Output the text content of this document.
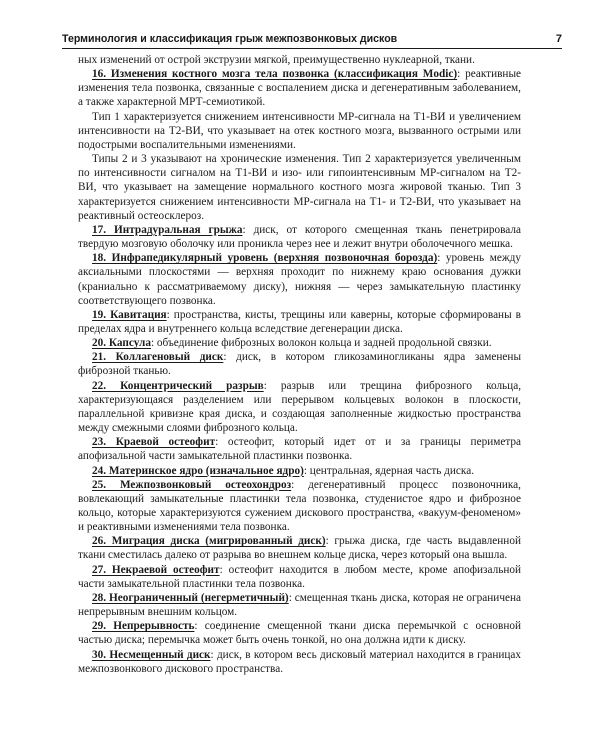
Терминология и классификация грыж межпозвонковых дисков	7

ных изменений от острой экструзии мягкой, преимущественно нуклеарной, ткани.

16. Изменения костного мозга тела позвонка (классификация Modic): реактивные изменения тела позвонка, связанные с воспалением диска и дегенеративным заболеванием, а также характерной МРТ-семиотикой.

Тип 1 характеризуется снижением интенсивности МР-сигнала на Т1-ВИ и увеличением интенсивности на Т2-ВИ, что указывает на отек костного мозга, вызванного острыми или подострыми воспалительными изменениями.

Типы 2 и 3 указывают на хронические изменения. Тип 2 характеризуется увеличенным по интенсивности сигналом на Т1-ВИ и изо- или гипоинтенсивным МР-сигналом на Т2-ВИ, что указывает на замещение нормального костного мозга жировой тканью. Тип 3 характеризуется снижением интенсивности МР-сигнала на Т1- и Т2-ВИ, что указывает на реактивный остеосклероз.

17. Интрадуральная грыжа: диск, от которого смещенная ткань пенетрировала твердую мозговую оболочку или проникла через нее и лежит внутри оболочечного мешка.

18. Инфрапедикулярный уровень (верхняя позвоночная борозда): уровень между аксиальными плоскостями — верхняя проходит по нижнему краю основания дужки (краниально к рассматриваемому диску), нижняя — через замыкательную пластинку соответствующего позвонка.

19. Кавитация: пространства, кисты, трещины или каверны, которые сформированы в пределах ядра и внутреннего кольца вследствие дегенерации диска.

20. Капсула: объединение фиброзных волокон кольца и задней продольной связки.

21. Коллагеновый диск: диск, в котором гликозаминогликаны ядра заменены фиброзной тканью.

22. Концентрический разрыв: разрыв или трещина фиброзного кольца, характеризующаяся разделением или перерывом кольцевых волокон в плоскости, параллельной кривизне края диска, и создающая заполненные жидкостью пространства между смежными слоями фиброзного кольца.

23. Краевой остеофит: остеофит, который идет от и за границы периметра апофизальной части замыкательной пластинки позвонка.

24. Материнское ядро (изначальное ядро): центральная, ядерная часть диска.

25. Межпозвонковый остеохондроз: дегенеративный процесс позвоночника, вовлекающий замыкательные пластинки тела позвонка, студенистое ядро и фиброзное кольцо, которые характеризуются сужением дискового пространства, «вакуум-феноменом» и реактивными изменениями тела позвонка.

26. Миграция диска (мигрированный диск): грыжа диска, где часть выдавленной ткани сместилась далеко от разрыва во внешнем кольце диска, через который она вышла.

27. Некраевой остеофит: остеофит находится в любом месте, кроме апофизальной части замыкательной пластинки тела позвонка.

28. Неограниченный (негерметичный): смещенная ткань диска, которая не ограничена непрерывным внешним кольцом.

29. Непрерывность: соединение смещенной ткани диска перемычкой с основной частью диска; перемычка может быть очень тонкой, но она должна идти к диску.

30. Несмещенный диск: диск, в котором весь дисковый материал находится в границах межпозвонкового дискового пространства.
